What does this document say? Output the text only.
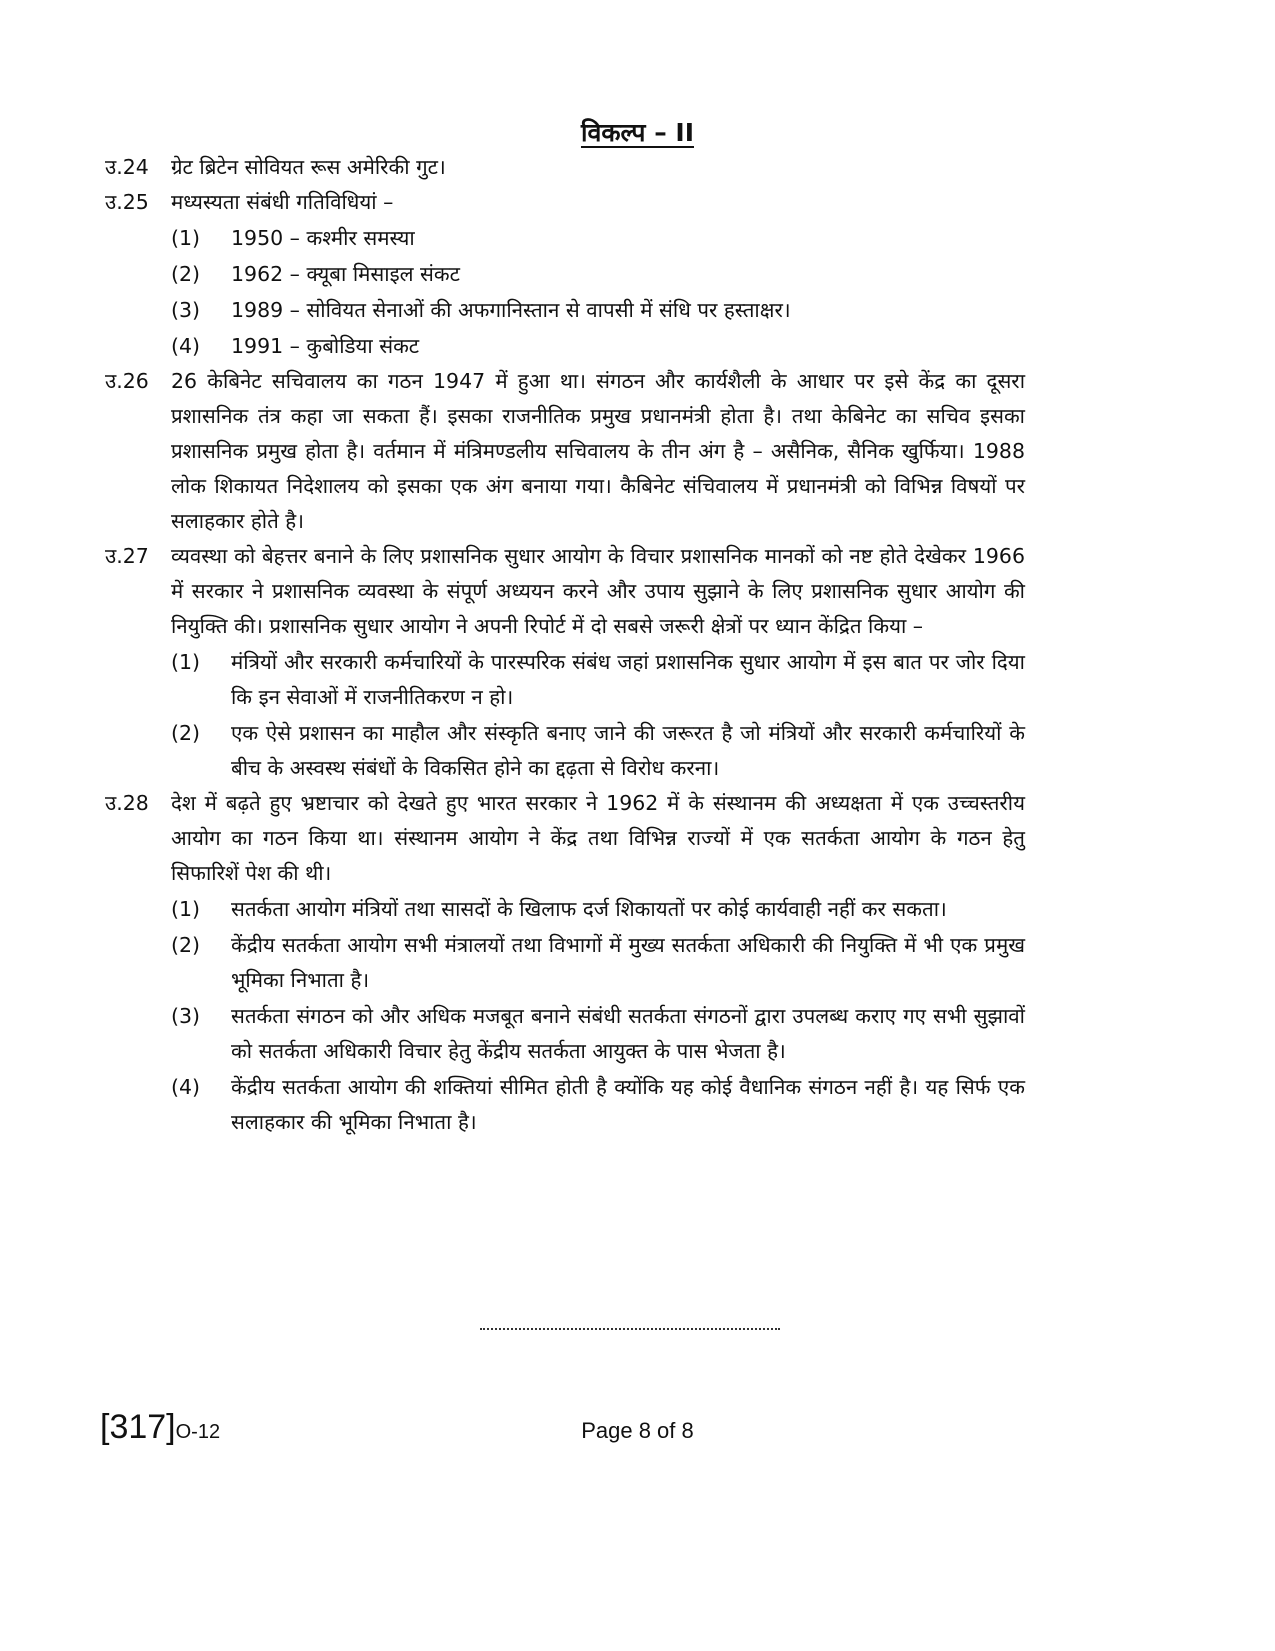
विकल्प – II
उ.24	ग्रेट ब्रिटेन सोवियत रूस अमेरिकी गुट।
उ.25	मध्यस्यता संबंधी गतिविधियां –
(1)	1950 – कश्मीर समस्या
(2)	1962 – क्यूबा मिसाइल संकट
(3)	1989 – सोवियत सेनाओं की अफगानिस्तान से वापसी में संधि पर हस्ताक्षर।
(4)	1991 – कुबोडिया संकट
उ.26	26 केबिनेट सचिवालय का गठन 1947 में हुआ था। संगठन और कार्यशैली के आधार पर इसे केंद्र का दूसरा प्रशासनिक तंत्र कहा जा सकता हैं। इसका राजनीतिक प्रमुख प्रधानमंत्री होता है। तथा केबिनेट का सचिव इसका प्रशासनिक प्रमुख होता है। वर्तमान में मंत्रिमण्डलीय सचिवालय के तीन अंग है – असैनिक, सैनिक खुर्फिया। 1988 लोक शिकायत निदेशालय को इसका एक अंग बनाया गया। कैबिनेट संचिवालय में प्रधानमंत्री को विभिन्न विषयों पर सलाहकार होते है।
उ.27	व्यवस्था को बेहत्तर बनाने के लिए प्रशासनिक सुधार आयोग के विचार प्रशासनिक मानकों को नष्ट होते देखेकर 1966 में सरकार ने प्रशासनिक व्यवस्था के संपूर्ण अध्ययन करने और उपाय सुझाने के लिए प्रशासनिक सुधार आयोग की नियुक्ति की। प्रशासनिक सुधार आयोग ने अपनी रिपोर्ट में दो सबसे जरूरी क्षेत्रों पर ध्यान केंद्रित किया –
(1)	मंत्रियों और सरकारी कर्मचारियों के पारस्परिक संबंध जहां प्रशासनिक सुधार आयोग में इस बात पर जोर दिया कि इन सेवाओं में राजनीतिकरण न हो।
(2)	एक ऐसे प्रशासन का माहौल और संस्कृति बनाए जाने की जरूरत है जो मंत्रियों और सरकारी कर्मचारियों के बीच के अस्वस्थ संबंधों के विकसित होने का द्दढ़ता से विरोध करना।
उ.28	देश में बढ़ते हुए भ्रष्टाचार को देखते हुए भारत सरकार ने 1962 में के संस्थानम की अध्यक्षता में एक उच्चस्तरीय आयोग का गठन किया था। संस्थानम आयोग ने केंद्र तथा विभिन्न राज्यों में एक सतर्कता आयोग के गठन हेतु सिफारिशें पेश की थी।
(1)	सतर्कता आयोग मंत्रियों तथा सासदों के खिलाफ दर्ज शिकायतों पर कोई कार्यवाही नहीं कर सकता।
(2)	केंद्रीय सतर्कता आयोग सभी मंत्रालयों तथा विभागों में मुख्य सतर्कता अधिकारी की नियुक्ति में भी एक प्रमुख भूमिका निभाता है।
(3)	सतर्कता संगठन को और अधिक मजबूत बनाने संबंधी सतर्कता संगठनों द्वारा उपलब्ध कराए गए सभी सुझावों को सतर्कता अधिकारी विचार हेतु केंद्रीय सतर्कता आयुक्त के पास भेजता है।
(4)	केंद्रीय सतर्कता आयोग की शक्तियां सीमित होती है क्योंकि यह कोई वैधानिक संगठन नहीं है। यह सिर्फ एक सलाहकार की भूमिका निभाता है।
[317]O-12	Page 8 of 8
